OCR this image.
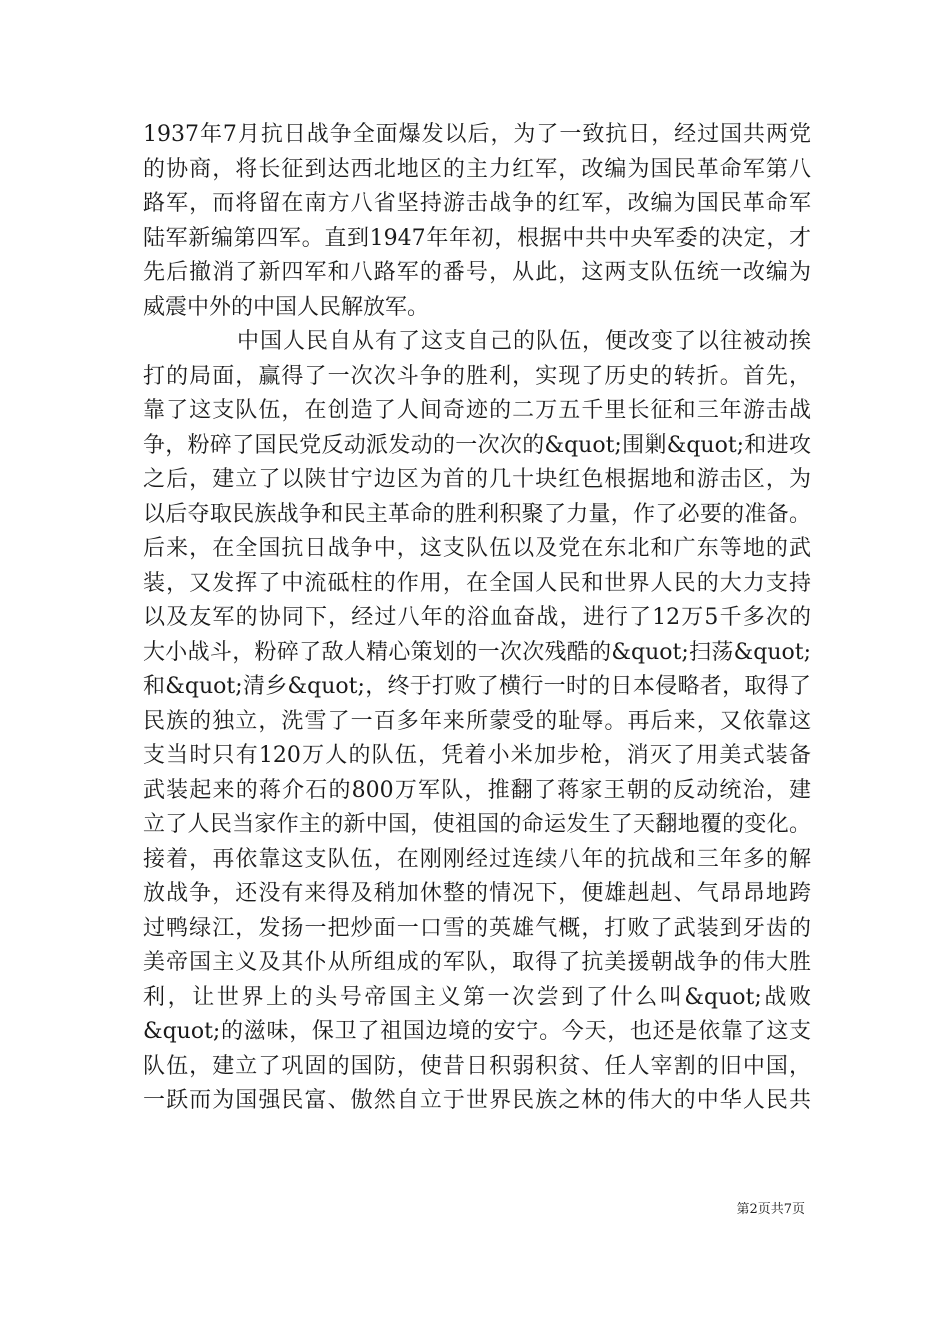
1937年7月抗日战争全面爆发以后，为了一致抗日，经过国共两党
的协商，将长征到达西北地区的主力红军，改编为国民革命军第八
路军，而将留在南方八省坚持游击战争的红军，改编为国民革命军
陆军新编第四军。直到1947年年初，根据中共中央军委的决定，才
先后撤消了新四军和八路军的番号，从此，这两支队伍统一改编为
威震中外的中国人民解放军。
中国人民自从有了这支自己的队伍，便改变了以往被动挨
打的局面，赢得了一次次斗争的胜利，实现了历史的转折。首先，
靠了这支队伍，在创造了人间奇迹的二万五千里长征和三年游击战
争，粉碎了国民党反动派发动的一次次的&quot;围剿&quot;和进攻
之后，建立了以陕甘宁边区为首的几十块红色根据地和游击区，为
以后夺取民族战争和民主革命的胜利积聚了力量，作了必要的准备。
后来，在全国抗日战争中，这支队伍以及党在东北和广东等地的武
装，又发挥了中流砥柱的作用，在全国人民和世界人民的大力支持
以及友军的协同下，经过八年的浴血奋战，进行了12万5千多次的
大小战斗，粉碎了敌人精心策划的一次次残酷的&quot;扫荡&quot;
和&quot;清乡&quot;，终于打败了横行一时的日本侵略者，取得了
民族的独立，洗雪了一百多年来所蒙受的耻辱。再后来，又依靠这
支当时只有120万人的队伍，凭着小米加步枪，消灭了用美式装备
武装起来的蒋介石的800万军队，推翻了蒋家王朝的反动统治，建
立了人民当家作主的新中国，使祖国的命运发生了天翻地覆的变化。
接着，再依靠这支队伍，在刚刚经过连续八年的抗战和三年多的解
放战争，还没有来得及稍加休整的情况下，便雄赳赳、气昂昂地跨
过鸭绿江，发扬一把炒面一口雪的英雄气概，打败了武装到牙齿的
美帝国主义及其仆从所组成的军队，取得了抗美援朝战争的伟大胜
利，让世界上的头号帝国主义第一次尝到了什么叫&quot;战败
&quot;的滋味，保卫了祖国边境的安宁。今天，也还是依靠了这支
队伍，建立了巩固的国防，使昔日积弱积贫、任人宰割的旧中国，
一跃而为国强民富、傲然自立于世界民族之林的伟大的中华人民共
第2页共7页
